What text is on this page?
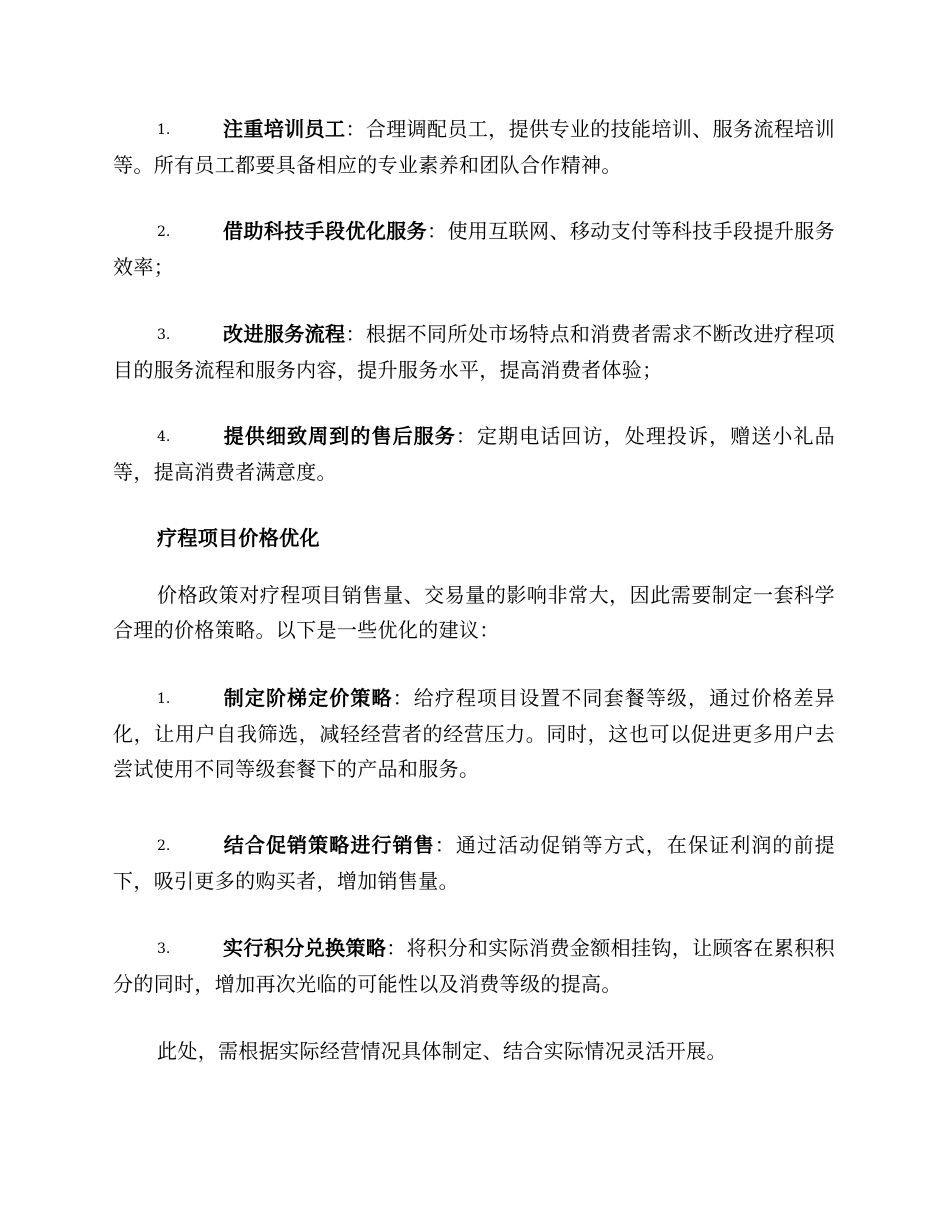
1.	注重培训员工：合理调配员工，提供专业的技能培训、服务流程培训等。所有员工都要具备相应的专业素养和团队合作精神。
2.	借助科技手段优化服务：使用互联网、移动支付等科技手段提升服务效率；
3.	改进服务流程：根据不同所处市场特点和消费者需求不断改进疗程项目的服务流程和服务内容，提升服务水平，提高消费者体验；
4.	提供细致周到的售后服务：定期电话回访，处理投诉，赠送小礼品等，提高消费者满意度。
疗程项目价格优化
价格政策对疗程项目销售量、交易量的影响非常大，因此需要制定一套科学合理的价格策略。以下是一些优化的建议：
1.	制定阶梯定价策略：给疗程项目设置不同套餐等级，通过价格差异化，让用户自我筛选，减轻经营者的经营压力。同时，这也可以促进更多用户去尝试使用不同等级套餐下的产品和服务。
2.	结合促销策略进行销售：通过活动促销等方式，在保证利润的前提下，吸引更多的购买者，增加销售量。
3.	实行积分兑换策略：将积分和实际消费金额相挂钩，让顾客在累积积分的同时，增加再次光临的可能性以及消费等级的提高。
此处，需根据实际经营情况具体制定、结合实际情况灵活开展。
